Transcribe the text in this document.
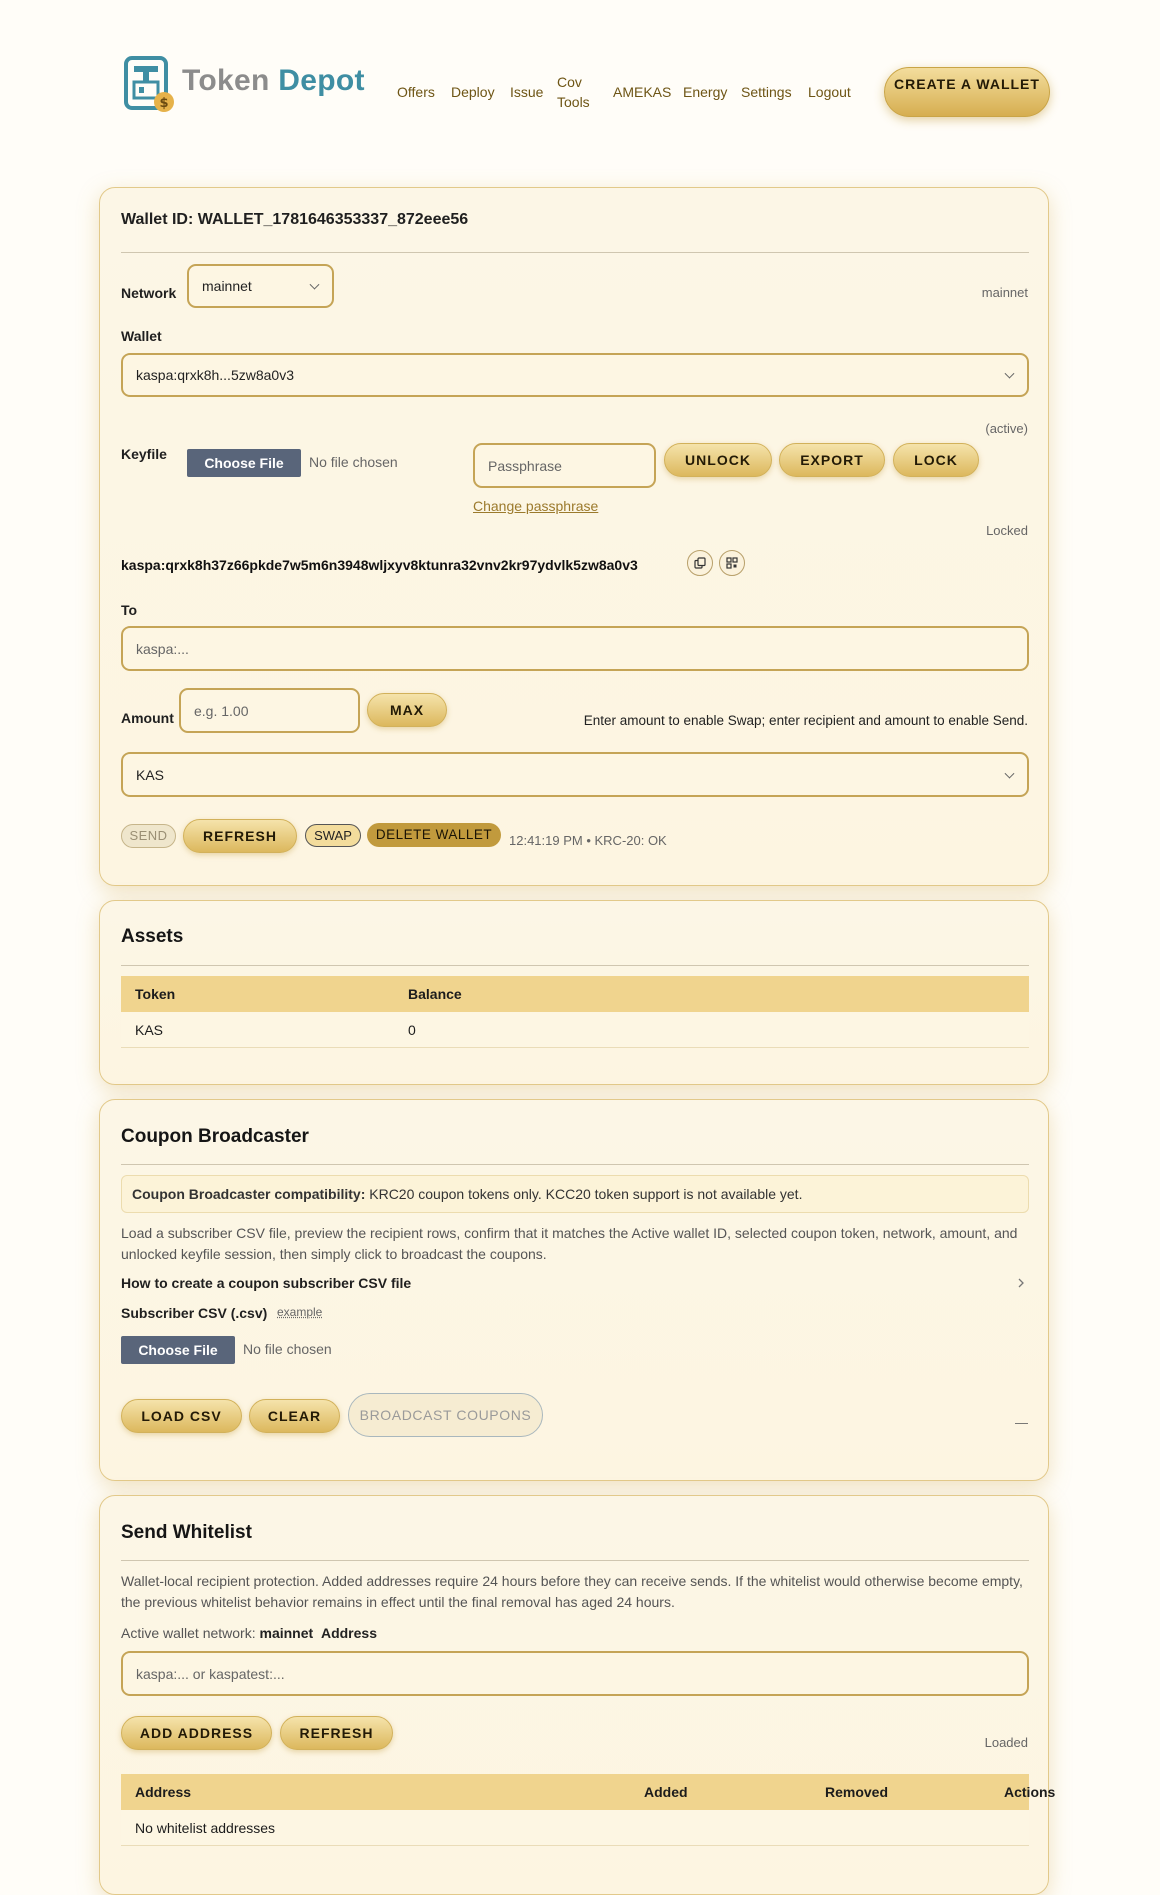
$
Token Depot Offers Deploy Issue
Cov Tools
AMEKAS Energy Settings Logout	CREATE A WALLET
Wallet ID: WALLET_1781646353337_872eee56
Network mainnet	mainnet
Wallet
kaspa:qrxk8h...5zw8a0v3
(active)
Keyfile
Choose File	No file chosen	Passphrase	UNLOCK	EXPORT	LOCK
Change passphrase
Locked
kaspa:qrxk8h37z66pkde7w5m6n3948wljxyv8ktunra32vnv2kr97ydvlk5zw8a0v3
To
kaspa:...
Amount	e.g. 1.00	MAX
Enter amount to enable Swap; enter recipient and amount to enable Send.
KAS
SEND	REFRESH	SWAP	DELETE WALLET	12:41:19 PM • KRC-20: OK
Assets
Token	Balance
KAS	0
Coupon Broadcaster
Coupon Broadcaster compatibility: KRC20 coupon tokens only. KCC20 token support is not available yet.
Load a subscriber CSV file, preview the recipient rows, confirm that it matches the Active wallet ID, selected coupon token, network, amount, and unlocked keyfile session, then simply click to broadcast the coupons.
How to create a coupon subscriber CSV file
Subscriber CSV (.csv) example
Choose File	No file chosen
LOAD CSV	CLEAR	BROADCAST COUPONS	—
Send Whitelist
Wallet-local recipient protection. Added addresses require 24 hours before they can receive sends. If the whitelist would otherwise become empty, the previous whitelist behavior remains in effect until the final removal has aged 24 hours.
Active wallet network: mainnet Address
kaspa:... or kaspatest:...
ADD ADDRESS	REFRESH
Loaded
Address	Added	Removed	Actions
No whitelist addresses
